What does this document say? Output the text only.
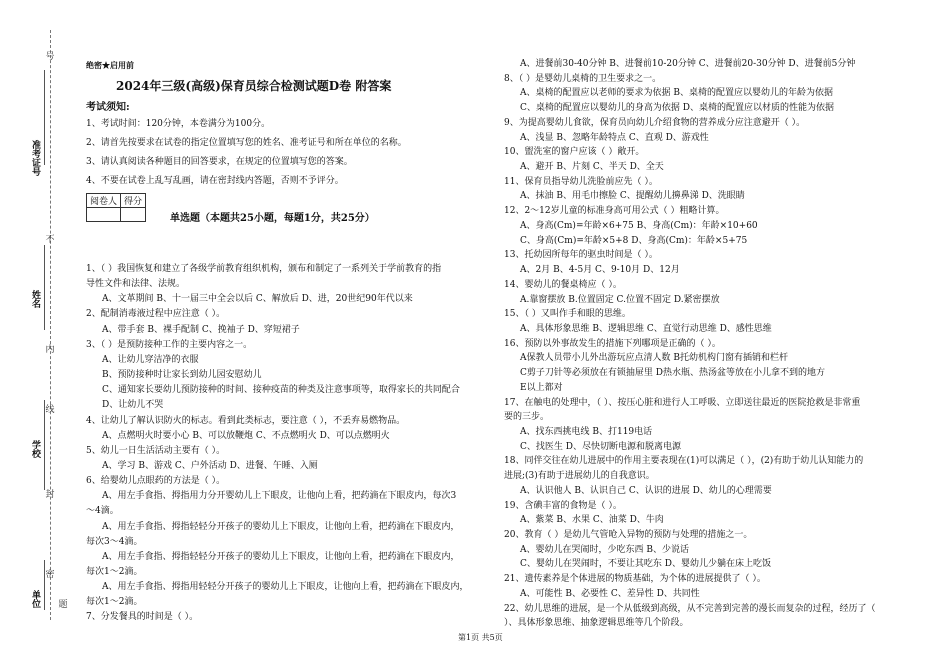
号
准考证号
姓名
学校
单位
不
内
线
封
密
题
绝密★启用前
2024年三级(高级)保育员综合检测试题D卷 附答案
考试须知:
1、考试时间：120分钟，本卷满分为100分。
2、请首先按要求在试卷的指定位置填写您的姓名、准考证号和所在单位的名称。
3、请认真阅读各种题目的回答要求，在规定的位置填写您的答案。
4、不要在试卷上乱写乱画，请在密封线内答题，否则不予评分。
阅卷人	得分

单选题（本题共25小题，每题1分，共25分）
1、（ ）我国恢复和建立了各级学前教育组织机构，颁布和制定了一系列关于学前教育的指
导性文件和法律、法规。
A、文革期间 B、十一届三中全会以后 C、解放后 D、进，20世纪90年代以来
2、配制消毒液过程中应注意（ ）。
A、带手套 B、裸手配制 C、挽袖子 D、穿短裙子
3、（ ）是预防接种工作的主要内容之一。
A、让幼儿穿洁净的衣服
B、预防接种时让家长到幼儿园安慰幼儿
C、通知家长要幼儿预防接种的时间、接种疫苗的种类及注意事项等，取得家长的共同配合
D、让幼儿不哭
4、让幼儿了解认识防火的标志。看到此类标志，要注意（ ），不丢弃易燃物品。
A、点燃明火时要小心 B、可以放鞭炮 C、不点燃明火 D、可以点燃明火
5、幼儿一日生活活动主要有（ ）。
A、学习 B、游戏 C、户外活动 D、进餐、午睡、入厕
6、给婴幼儿点眼药的方法是（ ）。
A、用左手食指、拇指用力分开婴幼儿上下眼皮，让他向上看，把药滴在下眼皮内，每次3
～4滴。
A、用左手食指、拇指轻轻分开孩子的婴幼儿上下眼皮，让他向上看，把药滴在下眼皮内，
每次3～4滴。
A、用左手食指、拇指轻轻分开孩子的婴幼儿上下眼皮，让他向上看，把药滴在下眼皮内，
每次1～2滴。
A、用左手食指、拇指用轻轻分开孩子的婴幼儿上下眼皮，让他向上看，把药滴在下眼皮内，
每次1～2滴。
7、分发餐具的时间是（ ）。
A、进餐前30-40分钟 B、进餐前10-20分钟 C、进餐前20-30分钟 D、进餐前5分钟
8、（ ）是婴幼儿桌椅的卫生要求之一。
A、桌椅的配置应以老师的要求为依据 B、桌椅的配置应以婴幼儿的年龄为依据
C、桌椅的配置应以婴幼儿的身高为依据 D、桌椅的配置应以材质的性能为依据
9、为提高婴幼儿食欲，保育员向幼儿介绍食物的营养成分应注意避开（ ）。
A、浅显 B、忽略年龄特点 C、直观 D、游戏性
10、盥洗室的窗户应该（ ）敞开。
A、避开 B、片刻 C、半天 D、全天
11、保育员指导幼儿洗脸前应先（ ）。
A、抹油 B、用毛巾擦脸 C、提醒幼儿擤鼻涕 D、洗眼睛
12、2～12岁儿童的标准身高可用公式（ ）粗略计算。
A、身高(Cm)=年龄×6+75 B、身高(Cm)：年龄×10+60
C、身高(Cm)=年龄×5+8 D、身高(Cm)：年龄×5+75
13、托幼园所每年的驱虫时间是（ ）。
A、2月 B、4-5月 C、9-10月 D、12月
14、婴幼儿的餐桌椅应（ ）。
A.靠窗摆放 B.位置固定 C.位置不固定 D.紧密摆放
15、（ ）又叫作手和眼的思维。
A、具体形象思维 B、逻辑思维 C、直觉行动思维 D、感性思维
16、预防以外事故发生的措施下列哪项是正确的（ ）。
A保教人员带小儿外出游玩应点清人数 B托幼机构门窗有插销和栏杆
C剪子刀针等必须放在有锁抽屉里 D热水瓶、热汤盆等放在小儿拿不到的地方
E以上都对
17、在触电的处理中，（ ）、按压心脏和进行人工呼吸、立即送往最近的医院抢救是非常重
要的三步。
A、找东西挑电线 B、打119电话
C、找医生 D、尽快切断电源和脱离电源
18、同伴交往在幼儿进展中的作用主要表现在(1)可以满足（ ），(2)有助于幼儿认知能力的
进展;(3)有助于进展幼儿的自我意识。
A、认识他人 B、认识自己 C、认识的进展 D、幼儿的心理需要
19、含碘丰富的食物是（ ）。
A、紫菜 B、水果 C、油菜 D、牛肉
20、教育（ ）是幼儿气管呛入异物的预防与处理的措施之一。
A、婴幼儿在哭闹时，少吃东西 B、少说话
C、婴幼儿在哭闹时，不要让其吃东 D、婴幼儿少躺在床上吃饭
21、遗传素养是个体进展的物质基础，为个体的进展提供了（ ）。
A、可能性 B、必要性 C、差异性 D、共同性
22、幼儿思维的进展，是一个从低级到高级，从不完善到完善的漫长而复杂的过程，经历了（
）、具体形象思维、抽象逻辑思维等几个阶段。
第1页 共5页
